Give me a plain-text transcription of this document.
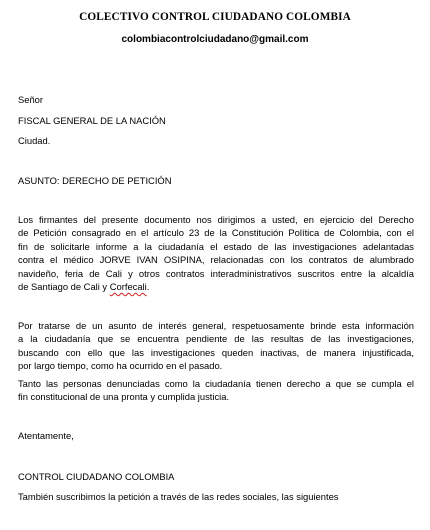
COLECTIVO CONTROL CIUDADANO COLOMBIA
colombiacontrolciudadano@gmail.com
Señor
FISCAL GENERAL DE LA NACIÓN
Ciudad.
ASUNTO: DERECHO DE PETICIÓN
Los firmantes del presente documento nos dirigimos a usted, en ejercicio del Derecho
de Petición consagrado en el artículo 23 de la Constitución Política de Colombia, con el
fin de solicitarle informe a la ciudadanía el estado de las investigaciones adelantadas
contra el médico JORVE IVAN OSIPINA, relacionadas con los contratos de alumbrado
navideño, feria de Cali y otros contratos interadministrativos suscritos entre la alcaldía
de Santiago de Cali y Corfecali.
Por tratarse de un asunto de interés general, respetuosamente brinde esta información
a la ciudadanía que se encuentra pendiente de las resultas de las investigaciones,
buscando con ello que las investigaciones queden inactivas, de manera injustificada,
por largo tiempo, como ha ocurrido en el pasado.
Tanto las personas denunciadas como la ciudadanía tienen derecho a que se cumpla el
fin constitucional de una pronta y cumplida justicia.
Atentamente,
CONTROL CIUDADANO COLOMBIA
También suscribimos la petición a través de las redes sociales, las siguientes
